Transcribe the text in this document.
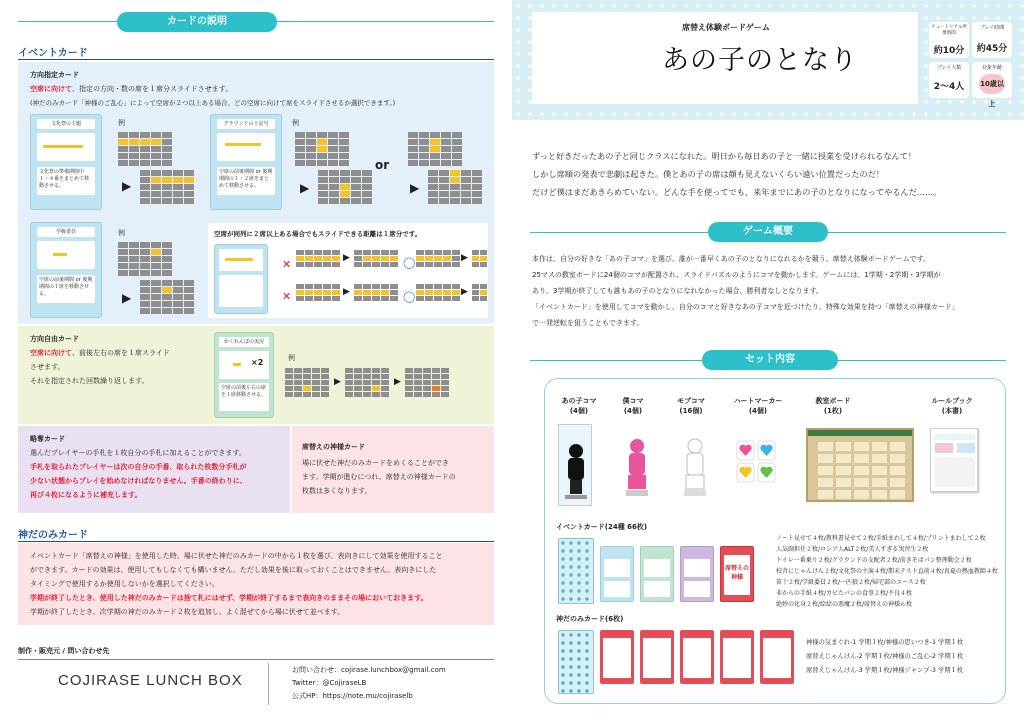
カードの説明
イベントカード
方向指定カード
空席に向けて、指定の方向・数の席を１席分スライドさせます。
(神だのみカード「神様のご乱心」によって空席が２つ以上ある場合、どの空席に向けて席をスライドさせるか選択できます。)
文化祭の主題
文化祭の準備期間中１・４番をまとめて移動させる。
例
▶
グラウンドの土記号
空席の前後期間 or 後期期間の１・２席をまとめて移動させる。
例
▶
or
▶
学級委員
空席の前後期間 or 後期期間の１席を移動させる。
例
▶
空席が同列に２席以上ある場合でもスライドできる距離は１席分です。
✕	▶	◯	▶
✕	▶	◯	▶
方向自由カード
空席に向けて、前後左右の席を１席スライド
させます。
それを指定された回数繰り返します。
かくれんぼの実況
×2
空席の前後左右の席を１席移動させる。
例
▶	▶
略奪カード
選んだプレイヤーの手札を１枚自分の手札に加えることができます。
手札を取られたプレイヤーは次の自分の手番、取られた枚数分手札が
少ない状態からプレイを始めなければなりません。手番の終わりに、
再び４枚になるように補充します。
席替えの神様カード
場に伏せた神だのみカードをめくることができ
ます。学期が進むにつれ、席替えの神様カードの
枚数は多くなります。
神だのみカード
イベントカード「席替えの神様」を使用した時、場に伏せた神だのみカードの中から１枚を選び、表向きにして効果を使用すること
ができます。カードの効果は、使用してもしなくても構いません。ただし効果を後に取っておくことはできません。表向きにした
タイミングで使用するか使用しないかを選択してください。
学期が終了したとき、使用した神だのみカードは捨て札にはせず、学期が終了するまで表向きのままその場においておきます。
学期が終了したとき、次学期の神だのみカード２枚を追加し、よく混ぜてから場に伏せて並べます。
制作・販売元 / 問い合わせ先
COJIRASE LUNCH BOX
お問い合わせ：cojirase.lunchbox@gmail.com
Twitter：@CojiraseLB
公式HP：https://note.mu/cojiraselb
席替え体験ボードゲーム
あの子のとなり
チュートリアル所要時間
約10分
プレイ時間
約45分
プレイ人数
2〜4人
対象年齢
10歳以上
ずっと好きだったあの子と同じクラスになれた。明日から毎日あの子と一緒に授業を受けられるなんて！
しかし席順の発表で悲劇は起きた。僕とあの子の席は顔も見えないくらい遠い位置だったのだ！
だけど僕はまだあきらめていない。どんな手を使ってでも、来年までにあの子のとなりになってやるんだ……。
ゲーム概要
本作は、自分の好きな「あの子コマ」を選び、誰が一番早くあの子のとなりになれるかを競う、席替え体験ボードゲームです。
25マスの教室ボードに24個のコマが配置され、スライドパズルのようにコマを動かします。ゲームには、1学期・2学期・3学期が
あり、3学期が終了しても誰もあの子のとなりになれなかった場合、勝利者なしとなります。
「イベントカード」を使用してコマを動かし、自分のコマと好きなあの子コマを近づけたり、特殊な効果を持つ「席替えの神様カード」
で一発逆転を狙うこともできます。
セット内容
あの子コマ
(4個)
僕コマ
(4個)
モブコマ
(16個)
ハートマーカー
(4個)
教室ボード
(1枚)
ルールブック
(本書)
イベントカード(24種 66枚)
席替えの神様
ノート見せて４枚/教科書見せて２枚/手紙まわして４枚/プリントまわして２枚
人気副担任２枚/ロシア人ALT２枚/美人すぎる実習生２枚
トイレ一番乗り２枚/グラウンドの支配者２枚/前きそばパン整理動会２枚
校舎にじゃんけん２枚/文化祭の主演４枚/期末テスト直前４枚/真夏の熱血教師４枚
笛十２枚/学級委員２枚/一匹狼２枚/帰宅部のエース２枚
非からの手紙４枚/カビたパンの食事２枚/不良４枚
絶妙の化身２枚/絵絵の悪魔２枚/席替えの神様６枚
神だのみカード(6枚)
神様の気まぐれ-1 学期１枚/神様の思いつき-1 学期１枚
席替えじゃんけん-2 学期１枚/神様のご乱心-2 学期１枚
席替えじゃんけん-3 学期１枚/神様ジャンプ-3 学期１枚
